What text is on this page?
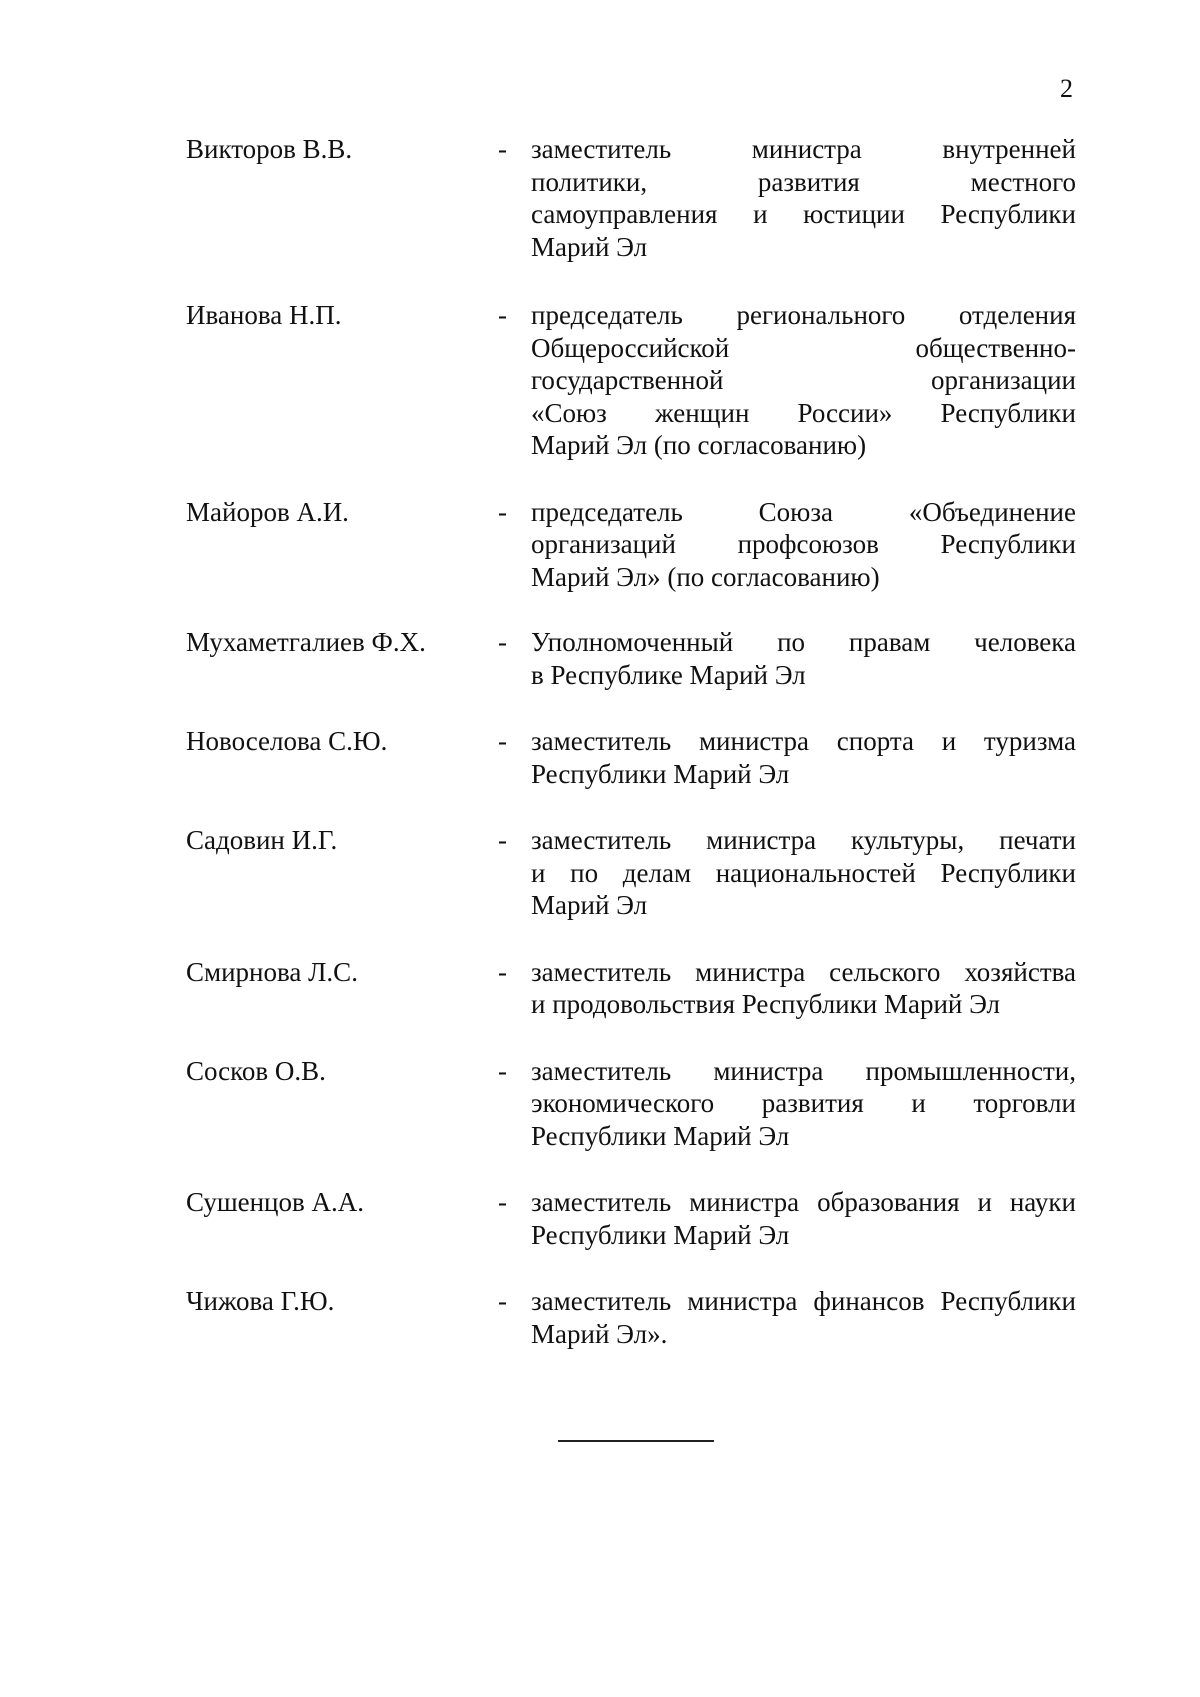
2
Викторов В.В.	- заместитель министра внутренней
политики, развития местного
самоуправления и юстиции Республики
Марий Эл
Иванова Н.П.	- председатель регионального отделения
Общероссийской общественно-
государственной организации
«Союз женщин России» Республики
Марий Эл (по согласованию)
Майоров А.И.	- председатель Союза «Объединение
организаций профсоюзов Республики
Марий Эл» (по согласованию)
Мухаметгалиев Ф.Х.	- Уполномоченный по правам человека
в Республике Марий Эл
Новоселова С.Ю.	- заместитель министра спорта и туризма
Республики Марий Эл
Садовин И.Г.	- заместитель министра культуры, печати
и по делам национальностей Республики
Марий Эл
Смирнова Л.С.	- заместитель министра сельского хозяйства
и продовольствия Республики Марий Эл
Сосков О.В.	- заместитель министра промышленности,
экономического развития и торговли
Республики Марий Эл
Сушенцов А.А.	- заместитель министра образования и науки
Республики Марий Эл
Чижова Г.Ю.	- заместитель министра финансов Республики
Марий Эл».
